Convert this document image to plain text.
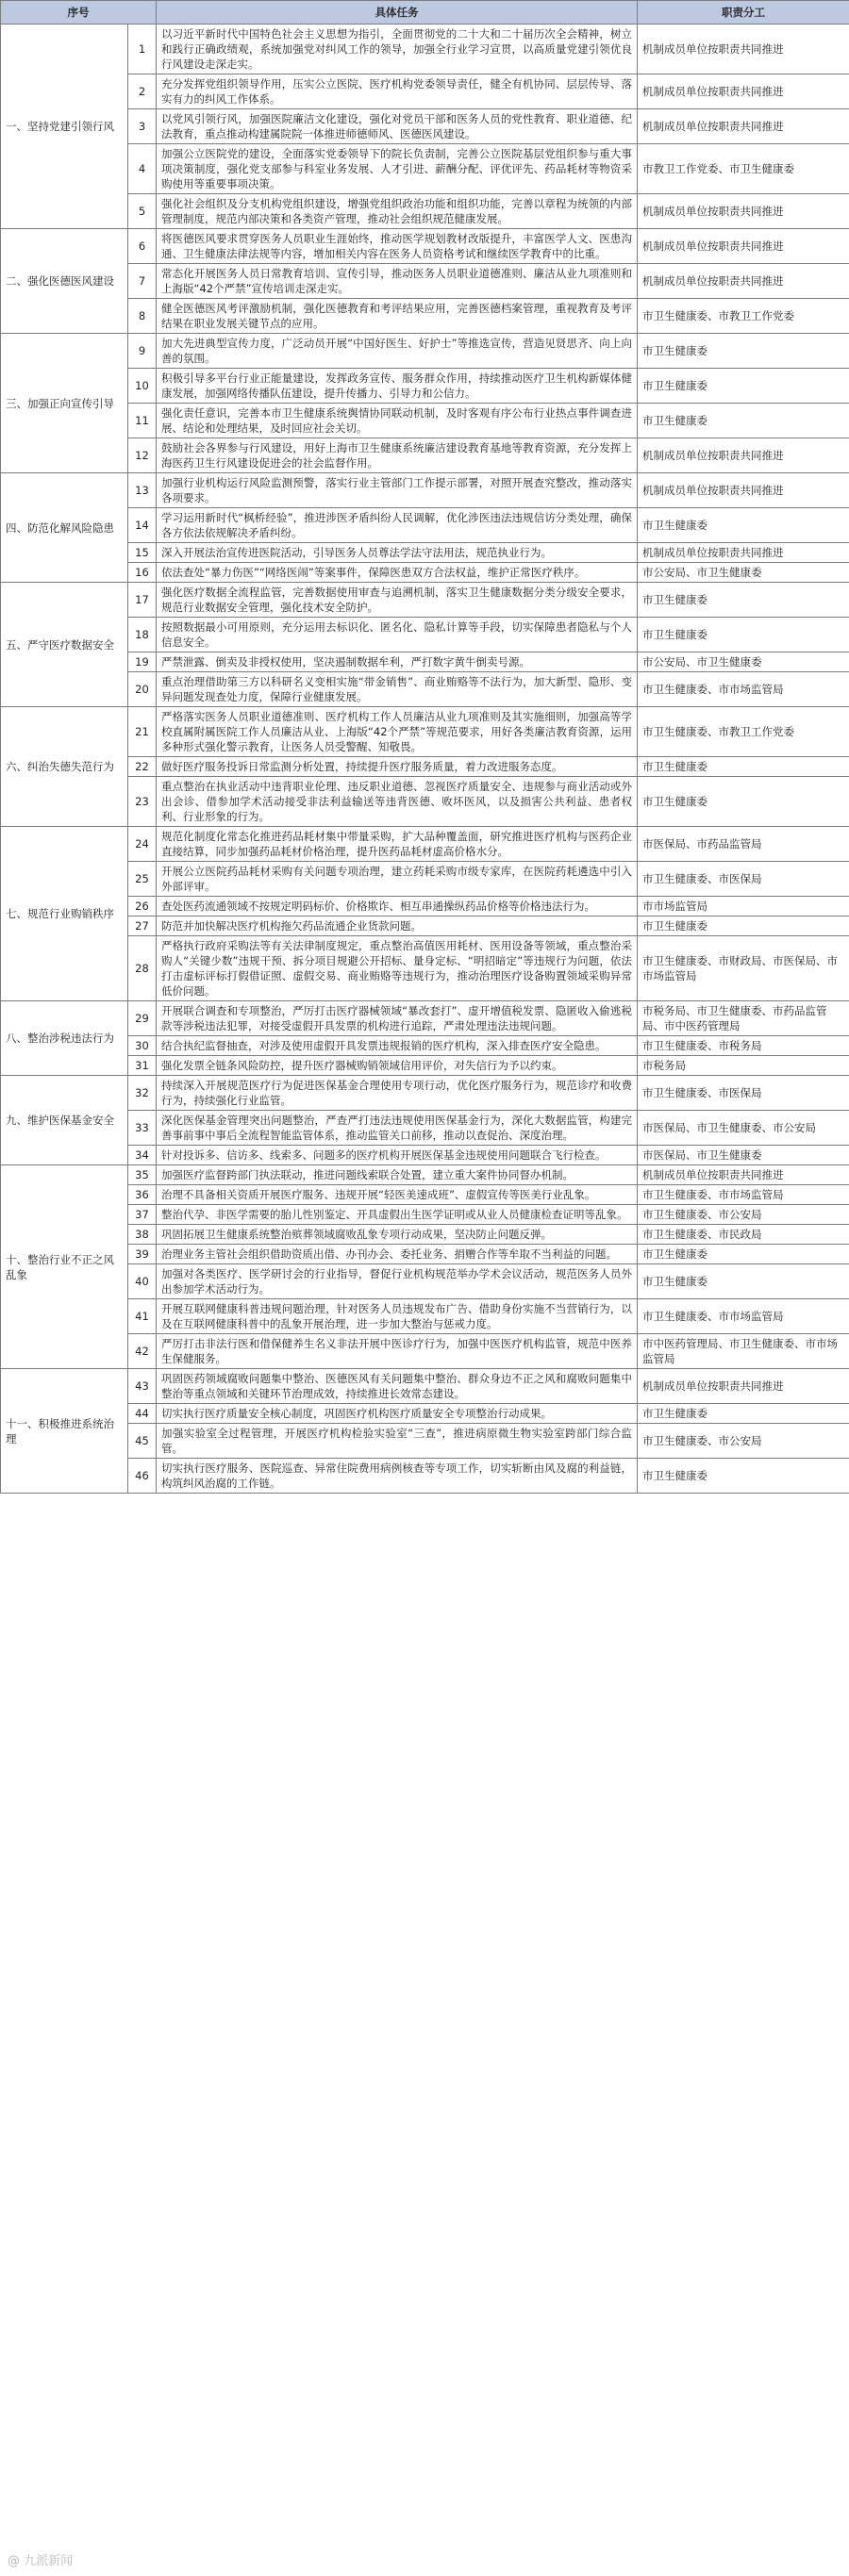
序号		具体任务	职责分工
一、坚持党建引领行风	1	以习近平新时代中国特色社会主义思想为指引，全面贯彻党的二十大和二十届历次全会精神，树立和践行正确政绩观，系统加强党对纠风工作的领导，加强全行业学习宣贯，以高质量党建引领优良行风建设走深走实。	机制成员单位按职责共同推进
	2	充分发挥党组织领导作用，压实公立医院、医疗机构党委领导责任，健全有机协同、层层传导、落实有力的纠风工作体系。	机制成员单位按职责共同推进
	3	以党风引领行风，加强医院廉洁文化建设，强化对党员干部和医务人员的党性教育、职业道德、纪法教育，重点推动构建属院院一体推进师德师风、医德医风建设。	机制成员单位按职责共同推进
	4	加强公立医院党的建设，全面落实党委领导下的院长负责制，完善公立医院基层党组织参与重大事项决策制度，强化党支部参与科室业务发展、人才引进、薪酬分配、评优评先、药品耗材等物资采购使用等重要事项决策。	市教卫工作党委、市卫生健康委
	5	强化社会组织及分支机构党组织建设，增强党组织政治功能和组织功能，完善以章程为统领的内部管理制度，规范内部决策和各类资产管理，推动社会组织规范健康发展。	机制成员单位按职责共同推进
二、强化医德医风建设	6	将医德医风要求贯穿医务人员职业生涯始终，推动医学规划教材改版提升，丰富医学人文、医患沟通、卫生健康法律法规等内容，增加相关内容在医务人员资格考试和继续医学教育中的比重。	机制成员单位按职责共同推进
	7	常态化开展医务人员日常教育培训、宣传引导，推动医务人员职业道德准则、廉洁从业九项准则和上海版“42个严禁”宣传培训走深走实。	机制成员单位按职责共同推进
	8	健全医德医风考评激励机制，强化医德教育和考评结果应用，完善医德档案管理，重视教育及考评结果在职业发展关键节点的应用。	市卫生健康委、市教卫工作党委
三、加强正向宣传引导	9	加大先进典型宣传力度，广泛动员开展“中国好医生、好护士”等推选宣传，营造见贤思齐、向上向善的氛围。	市卫生健康委
	10	积极引导多平台行业正能量建设，发挥政务宣传、服务群众作用，持续推动医疗卫生机构新媒体健康发展，加强网络传播队伍建设，提升传播力、引导力和公信力。	市卫生健康委
	11	强化责任意识，完善本市卫生健康系统舆情协同联动机制，及时客观有序公布行业热点事件调查进展、结论和处理结果，及时回应社会关切。	市卫生健康委
	12	鼓励社会各界参与行风建设，用好上海市卫生健康系统廉洁建设教育基地等教育资源，充分发挥上海医药卫生行风建设促进会的社会监督作用。	机制成员单位按职责共同推进
四、防范化解风险隐患	13	加强行业机构运行风险监测预警，落实行业主管部门工作提示部署，对照开展查究整改，推动落实各项要求。	机制成员单位按职责共同推进
	14	学习运用新时代“枫桥经验”，推进涉医矛盾纠纷人民调解，优化涉医违法违规信访分类处理，确保各方依法依规解决矛盾纠纷。	市卫生健康委
	15	深入开展法治宣传进医院活动，引导医务人员尊法学法守法用法，规范执业行为。	机制成员单位按职责共同推进
	16	依法查处“暴力伤医”“网络医闹”等案事件，保障医患双方合法权益，维护正常医疗秩序。	市公安局、市卫生健康委
五、严守医疗数据安全	17	强化医疗数据全流程监管，完善数据使用审查与追溯机制，落实卫生健康数据分类分级安全要求，规范行业数据安全管理，强化技术安全防护。	市卫生健康委
	18	按照数据最小可用原则，充分运用去标识化、匿名化、隐私计算等手段，切实保障患者隐私与个人信息安全。	市卫生健康委
	19	严禁泄露、倒卖及非授权使用，坚决遏制数据牟利，严打数字黄牛倒卖号源。	市公安局、市卫生健康委
	20	重点治理借助第三方以科研名义变相实施“带金销售”、商业贿赂等不法行为，加大新型、隐形、变异问题发现查处力度，保障行业健康发展。	市卫生健康委、市市场监管局
六、纠治失德失范行为	21	严格落实医务人员职业道德准则、医疗机构工作人员廉洁从业九项准则及其实施细则，加强高等学校直属附属医院工作人员廉洁从业、上海版“42个严禁”等规范要求，用好各类廉洁教育资源，运用多种形式强化警示教育，让医务人员受警醒、知敬畏。	市卫生健康委、市教卫工作党委
	22	做好医疗服务投诉日常监测分析处置，持续提升医疗服务质量，着力改进服务态度。	市卫生健康委
	23	重点整治在执业活动中违背职业伦理、违反职业道德、忽视医疗质量安全、违规参与商业活动或外出会诊、借参加学术活动接受非法利益输送等违背医德、败坏医风，以及损害公共利益、患者权利、行业形象的行为。	市卫生健康委
七、规范行业购销秩序	24	规范化制度化常态化推进药品耗材集中带量采购，扩大品种覆盖面，研究推进医疗机构与医药企业直接结算，同步加强药品耗材价格治理，提升医药品耗材虚高价格水分。	市医保局、市药品监管局
	25	开展公立医院药品耗材采购有关问题专项治理，建立药耗采购市级专家库，在医院药耗遴选中引入外部评审。	市卫生健康委、市医保局
	26	查处医药流通领域不按规定明码标价、价格欺诈、相互串通操纵药品价格等价格违法行为。	市市场监管局
	27	防范并加快解决医疗机构拖欠药品流通企业货款问题。	市卫生健康委
	28	严格执行政府采购法等有关法律制度规定，重点整治高值医用耗材、医用设备等领域，重点整治采购人“关键少数”违规干预、拆分项目规避公开招标、量身定标、“明招暗定”等违规行为问题，依法打击虚标评标打假借证照、虚假交易、商业贿赂等违规行为，推动治理医疗设备购置领域采购异常低价问题。	市卫生健康委、市财政局、市医保局、市市场监管局
八、整治涉税违法行为	29	开展联合调查和专项整治，严厉打击医疗器械领域“暴改套打”、虚开增值税发票、隐匿收入偷逃税款等涉税违法犯罪，对接受虚假开具发票的机构进行追踪，严肃处理违法违规问题。	市税务局、市卫生健康委、市药品监管局、市中医药管理局
	30	结合执纪监督抽查，对涉及使用虚假开具发票违规报销的医疗机构，深入排查医疗安全隐患。	市卫生健康委、市税务局
	31	强化发票全链条风险防控，提升医疗器械购销领域信用评价，对失信行为予以约束。	市税务局
九、维护医保基金安全	32	持续深入开展规范医疗行为促进医保基金合理使用专项行动，优化医疗服务行为，规范诊疗和收费行为，持续强化行业监管。	市卫生健康委、市医保局
	33	深化医保基金管理突出问题整治，严查严打违法违规使用医保基金行为，深化大数据监管，构建完善事前事中事后全流程智能监管体系，推动监管关口前移，推动以查促治、深度治理。	市医保局、市卫生健康委、市公安局
	34	针对投诉多、信访多、线索多、问题多的医疗机构开展医保基金违规使用问题联合飞行检查。	市医保局、市卫生健康委
十、整治行业不正之风乱象	35	加强医疗监督跨部门执法联动，推进问题线索联合处置，建立重大案件协同督办机制。	机制成员单位按职责共同推进
	36	治理不具备相关资质开展医疗服务、违规开展“轻医美速成班”、虚假宣传等医美行业乱象。	市卫生健康委、市市场监管局
	37	整治代孕、非医学需要的胎儿性别鉴定、开具虚假出生医学证明或从业人员健康检查证明等乱象。	市卫生健康委、市公安局
	38	巩固拓展卫生健康系统整治殡葬领域腐败乱象专项行动成果，坚决防止问题反弹。	市卫生健康委、市民政局
	39	治理业务主管社会组织借助资质出借、办刊办会、委托业务、捐赠合作等牟取不当利益的问题。	市卫生健康委
	40	加强对各类医疗、医学研讨会的行业指导，督促行业机构规范举办学术会议活动，规范医务人员外出参加学术活动行为。	市卫生健康委
	41	开展互联网健康科普违规问题治理，针对医务人员违规发布广告、借助身份实施不当营销行为，以及在互联网健康科普中的乱象开展治理，进一步加大整治与惩戒力度。	市卫生健康委、市市场监管局
	42	严厉打击非法行医和借保健养生名义非法开展中医诊疗行为，加强中医医疗机构监管，规范中医养生保健服务。	市中医药管理局、市卫生健康委、市市场监管局
十一、积极推进系统治理	43	巩固医药领域腐败问题集中整治、医德医风有关问题集中整治、群众身边不正之风和腐败问题集中整治等重点领域和关键环节治理成效，持续推进长效常态建设。	机制成员单位按职责共同推进
	44	切实执行医疗质量安全核心制度，巩固医疗机构医疗质量安全专项整治行动成果。	市卫生健康委
	45	加强实验室全过程管理，开展医疗机构检验实验室“三查”，推进病原微生物实验室跨部门综合监管。	市卫生健康委、市公安局
	46	切实执行医疗服务、医院巡查、异常住院费用病例核查等专项工作，切实斩断由风及腐的利益链，构筑纠风治腐的工作链。	市卫生健康委
@ 九派新闻
